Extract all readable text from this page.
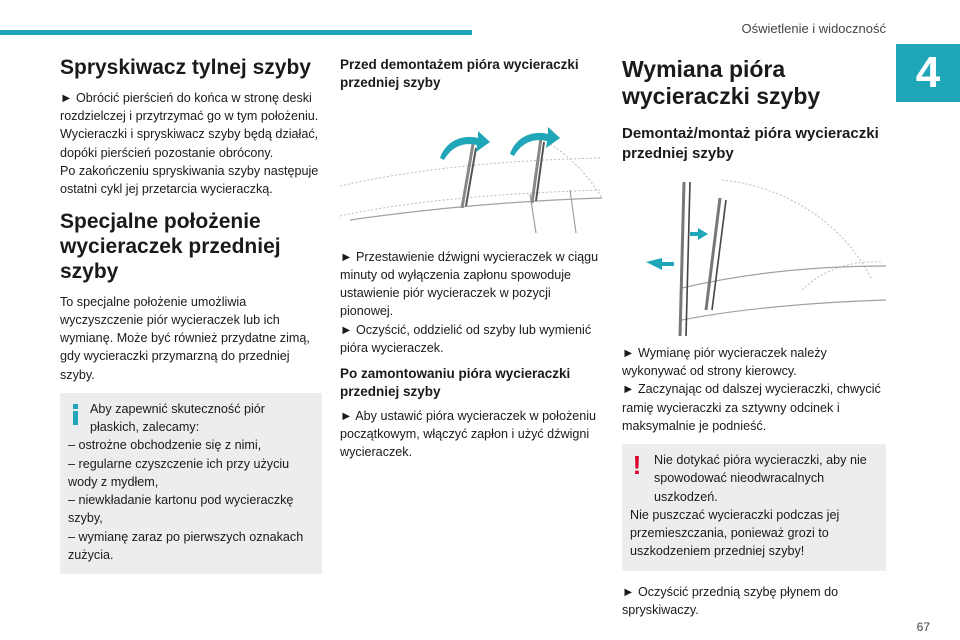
Oświetlenie i widoczność
4
Spryskiwacz tylnej szyby

► Obrócić pierścień do końca w stronę deski rozdzielczej i przytrzymać go w tym położeniu.

Wycieraczki i spryskiwacz szyby będą działać, dopóki pierścień pozostanie obrócony.

Po zakończeniu spryskiwania szyby następuje ostatni cykl jej przetarcia wycieraczką.

Specjalne położenie wycieraczek przedniej szyby

To specjalne położenie umożliwia wyczyszczenie piór wycieraczek lub ich wymianę. Może być również przydatne zimą, gdy wycieraczki przymarzną do przedniej szyby.

Aby zapewnić skuteczność piór płaskich, zalecamy:

– ostrożne obchodzenie się z nimi,

– regularne czyszczenie ich przy użyciu wody z mydłem,

– niewkładanie kartonu pod wycieraczkę szyby,

– wymianę zaraz po pierwszych oznakach zużycia.

Przed demontażem pióra wycieraczki przedniej szyby

► Przestawienie dźwigni wycieraczek w ciągu minuty od wyłączenia zapłonu spowoduje ustawienie piór wycieraczek w pozycji pionowej.

► Oczyścić, oddzielić od szyby lub wymienić pióra wycieraczek.

Po zamontowaniu pióra wycieraczki przedniej szyby

► Aby ustawić pióra wycieraczek w położeniu początkowym, włączyć zapłon i użyć dźwigni wycieraczek.

Wymiana pióra wycieraczki szyby
Demontaż/montaż pióra wycieraczki przedniej szyby

► Wymianę piór wycieraczek należy wykonywać od strony kierowcy.

► Zaczynając od dalszej wycieraczki, chwycić ramię wycieraczki za sztywny odcinek i maksymalnie je podnieść.

! Nie dotykać pióra wycieraczki, aby nie spowodować nieodwracalnych uszkodzeń.

Nie puszczać wycieraczki podczas jej przemieszczania, ponieważ grozi to uszkodzeniem przedniej szyby!

► Oczyścić przednią szybę płynem do spryskiwaczy.

67
